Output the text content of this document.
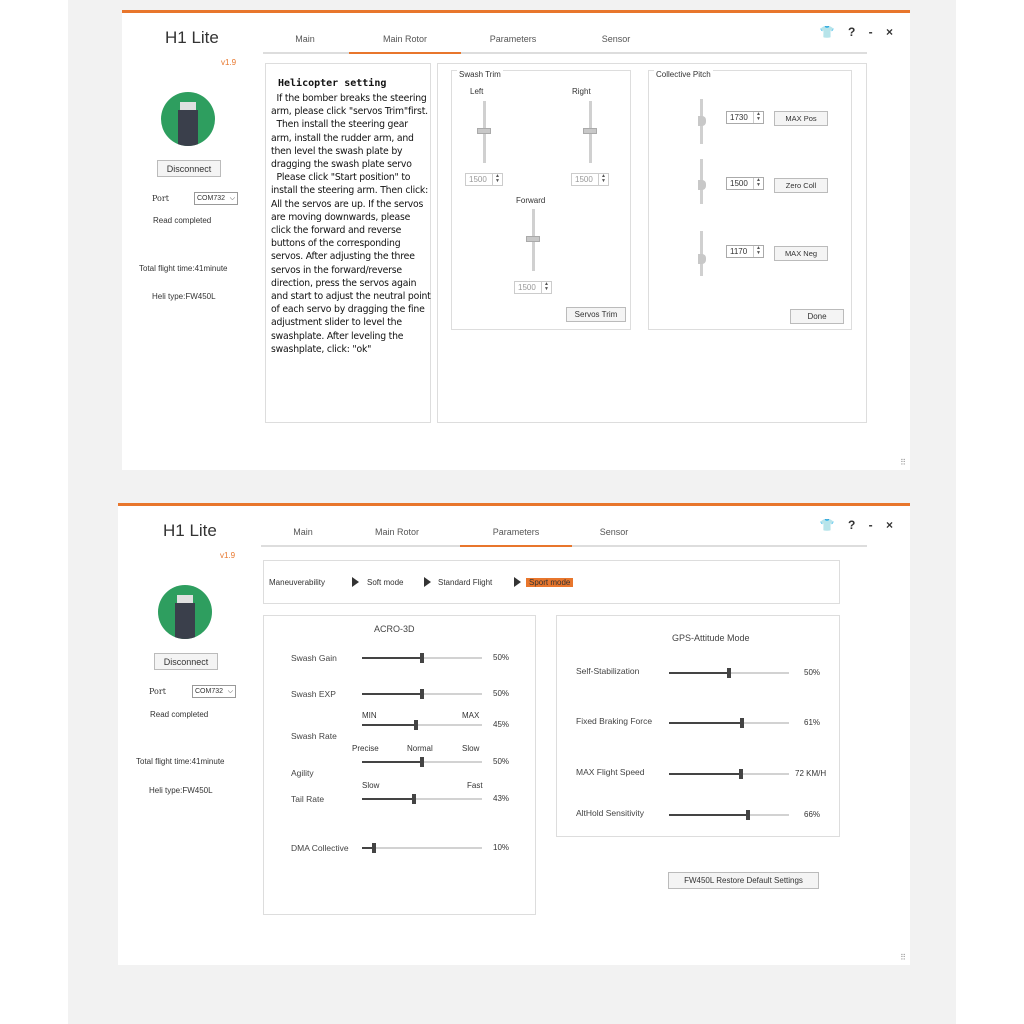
👕 ? ‐ ×
⠿
H1 Lite
v1.9
Disconnect
Port	COM732 ⌵
Read completed
Total flight time:41minute
Heli type:FW450L
Main	Main Rotor	Parameters	Sensor
Helicopter setting
If the bomber breaks the steering arm, please click "servos Trim"first.
Then install the steering gear arm, install the rudder arm, and then level the swash plate by dragging the swash plate servo
Please click "Start position" to install the steering arm. Then click: All the servos are up. If the servos are moving downwards, please click the forward and reverse buttons of the corresponding servos. After adjusting the three servos in the forward/reverse direction, press the servos again and start to adjust the neutral point of each servo by dragging the fine adjustment slider to level the swashplate. After leveling the swashplate, click: "ok"
Swash Trim
Left
1500	▲
▼
Right
1500	▲
▼
Forward
1500	▲
▼
Servos Trim
Collective Pitch
1730	▲
▼	MAX Pos
1500	▲
▼	Zero Coll
1170	▲
▼	MAX Neg
Done
👕 ? ‐ ×
⠿
H1 Lite
v1.9
Disconnect
Port	COM732 ⌵
Read completed
Total flight time:41minute
Heli type:FW450L
Main	Main Rotor	Parameters	Sensor
Maneuverability	Soft mode	Standard Flight	Sport mode
ACRO-3D
Swash Gain	50%
Swash EXP	50%
Swash Rate
45%
MIN	MAX
Agility
50%
Precise	Normal	Slow
Tail Rate	43%
Slow	Fast
DMA Collective	10%
GPS-Attitude Mode
Self-Stabilization	50%
Fixed Braking Force	61%
MAX Flight Speed	72 KM/H
AltHold Sensitivity	66%
FW450L Restore Default Settings
